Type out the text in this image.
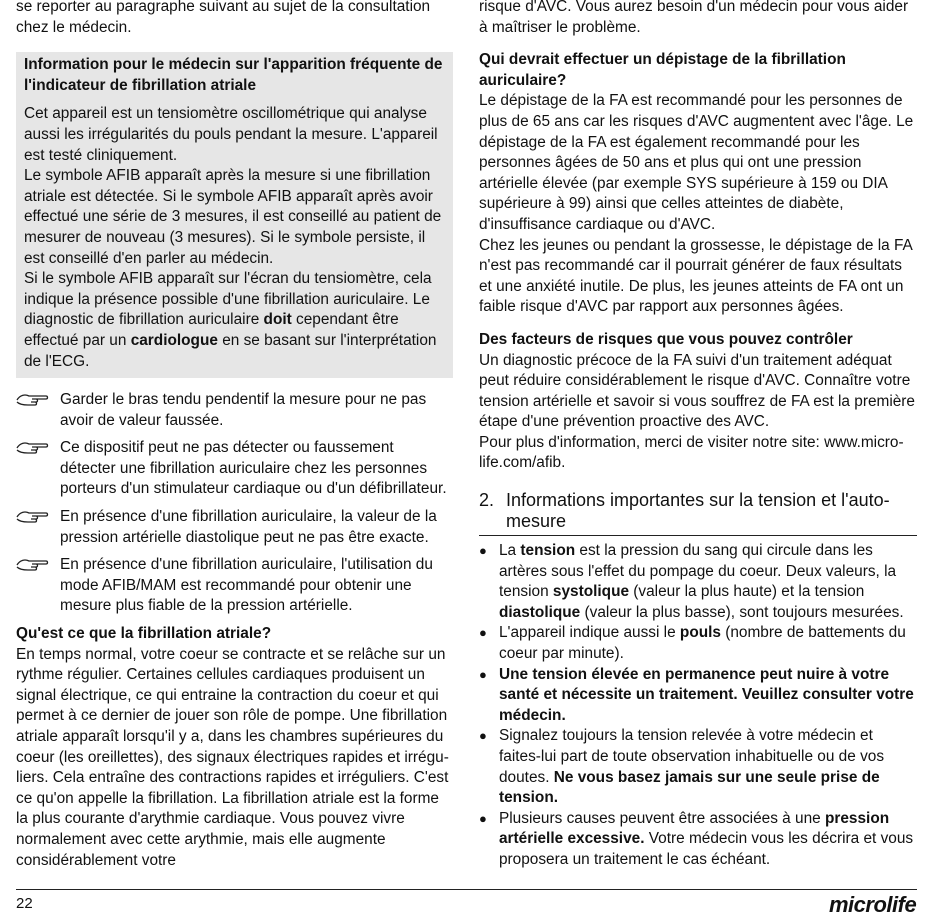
se reporter au paragraphe suivant au sujet de la consultation chez le médecin.

Information pour le médecin sur l'apparition fréquente de l'indicateur de fibrillation atriale

Cet appareil est un tensiomètre oscillométrique qui analyse aussi les irrégularités du pouls pendant la mesure. L'appareil est testé cliniquement.

Le symbole AFIB apparaît après la mesure si une fibrillation atriale est détectée. Si le symbole AFIB apparaît après avoir effectué une série de 3 mesures, il est conseillé au patient de mesurer de nouveau (3 mesures). Si le symbole persiste, il est conseillé d'en parler au médecin.

Si le symbole AFIB apparaît sur l'écran du tensiomètre, cela indique la présence possible d'une fibrillation auriculaire. Le diagnostic de fibrillation auriculaire doit cependant être effectué par un cardiologue en se basant sur l'interprétation de l'ECG.

Garder le bras tendu pendentif la mesure pour ne pas avoir de valeur faussée.

Ce dispositif peut ne pas détecter ou faussement détecter une fibrillation auriculaire chez les personnes porteurs d'un stimulateur cardiaque ou d'un défibrillateur.

En présence d'une fibrillation auriculaire, la valeur de la pression artérielle diastolique peut ne pas être exacte.

En présence d'une fibrillation auriculaire, l'utilisation du mode AFIB/MAM est recommandé pour obtenir une mesure plus fiable de la pression artérielle.

Qu'est ce que la fibrillation atriale?

En temps normal, votre coeur se contracte et se relâche sur un rythme régulier. Certaines cellules cardiaques produisent un signal électrique, ce qui entraine la contraction du coeur et qui permet à ce dernier de jouer son rôle de pompe. Une fibrillation atriale apparaît lorsqu'il y a, dans les chambres supérieures du coeur (les oreillettes), des signaux électriques rapides et irrégu- liers. Cela entraîne des contractions rapides et irréguliers. C'est ce qu'on appelle la fibrillation. La fibrillation atriale est la forme la plus courante d'arythmie cardiaque. Vous pouvez vivre normalement avec cette arythmie, mais elle augmente considérablement votre

risque d'AVC. Vous aurez besoin d'un médecin pour vous aider à maîtriser le problème.

Qui devrait effectuer un dépistage de la fibrillation auriculaire?

Le dépistage de la FA est recommandé pour les personnes de plus de 65 ans car les risques d'AVC augmentent avec l'âge. Le dépistage de la FA est également recommandé pour les personnes âgées de 50 ans et plus qui ont une pression artérielle élevée (par exemple SYS supérieure à 159 ou DIA supérieure à 99) ainsi que celles atteintes de diabète, d'insuffisance cardiaque ou d'AVC.

Chez les jeunes ou pendant la grossesse, le dépistage de la FA n'est pas recommandé car il pourrait générer de faux résultats et une anxiété inutile. De plus, les jeunes atteints de FA ont un faible risque d'AVC par rapport aux personnes âgées.

Des facteurs de risques que vous pouvez contrôler

Un diagnostic précoce de la FA suivi d'un traitement adéquat peut réduire considérablement le risque d'AVC. Connaître votre tension artérielle et savoir si vous souffrez de FA est la première étape d'une prévention proactive des AVC.

Pour plus d'information, merci de visiter notre site: www.micro- life.com/afib.

2. Informations importantes sur la tension et l'auto-mesure
● La tension est la pression du sang qui circule dans les artères sous l'effet du pompage du coeur. Deux valeurs, la tension systolique (valeur la plus haute) et la tension diastolique (valeur la plus basse), sont toujours mesurées.

● L'appareil indique aussi le pouls (nombre de battements du coeur par minute).

● Une tension élevée en permanence peut nuire à votre santé et nécessite un traitement. Veuillez consulter votre médecin.

● Signalez toujours la tension relevée à votre médecin et faites-lui part de toute observation inhabituelle ou de vos doutes. Ne vous basez jamais sur une seule prise de tension.

● Plusieurs causes peuvent être associées à une pression artérielle excessive. Votre médecin vous les décrira et vous proposera un traitement le cas échéant.

22	microlife
